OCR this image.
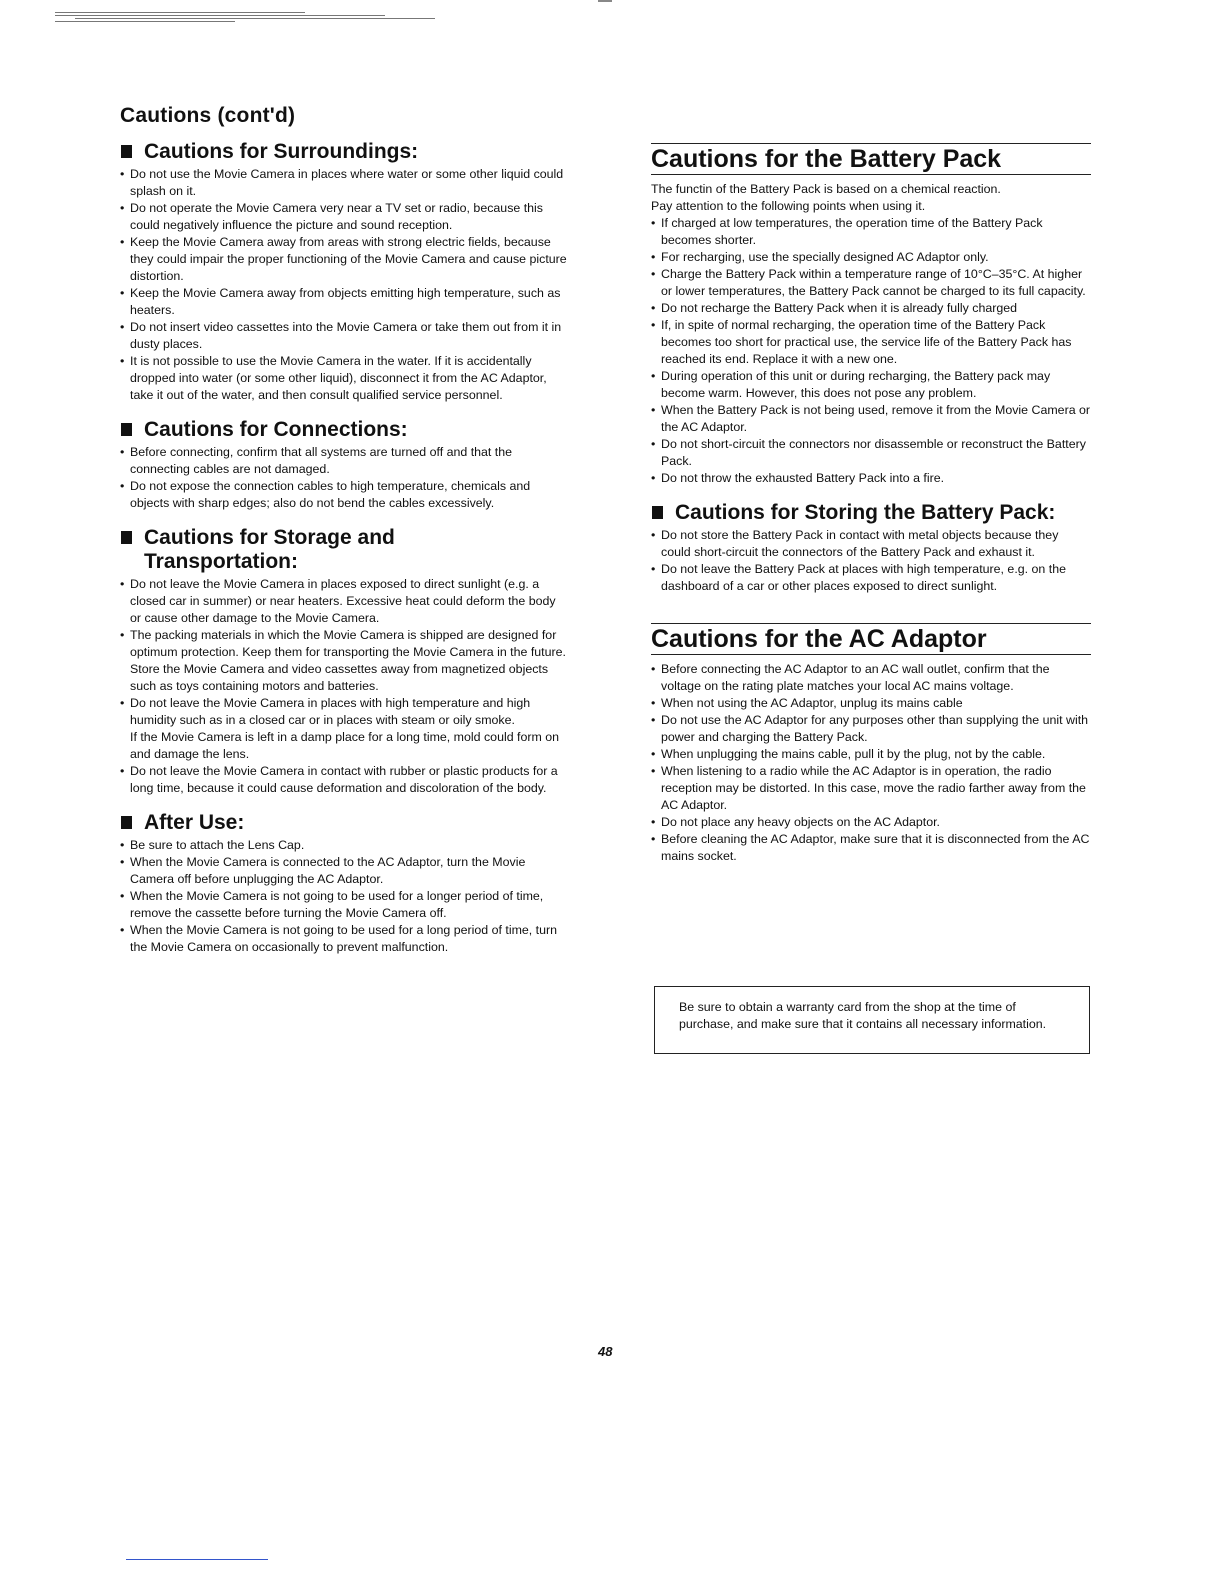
Cautions (cont'd)
Cautions for Surroundings:
• Do not use the Movie Camera in places where water or some other liquid could splash on it.
• Do not operate the Movie Camera very near a TV set or radio, because this could negatively influence the picture and sound reception.
• Keep the Movie Camera away from areas with strong electric fields, because they could impair the proper functioning of the Movie Camera and cause picture distortion.
• Keep the Movie Camera away from objects emitting high temperature, such as heaters.
• Do not insert video cassettes into the Movie Camera or take them out from it in dusty places.
• It is not possible to use the Movie Camera in the water. If it is accidentally dropped into water (or some other liquid), disconnect it from the AC Adaptor, take it out of the water, and then consult qualified service personnel.
Cautions for Connections:
• Before connecting, confirm that all systems are turned off and that the connecting cables are not damaged.
• Do not expose the connection cables to high temperature, chemicals and objects with sharp edges; also do not bend the cables excessively.
Cautions for Storage and
Transportation:
• Do not leave the Movie Camera in places exposed to direct sunlight (e.g. a closed car in summer) or near heaters. Excessive heat could deform the body or cause other damage to the Movie Camera.
• The packing materials in which the Movie Camera is shipped are designed for optimum protection. Keep them for transporting the Movie Camera in the future.
Store the Movie Camera and video cassettes away from magnetized objects such as toys containing motors and batteries.
• Do not leave the Movie Camera in places with high temperature and high humidity such as in a closed car or in places with steam or oily smoke.
If the Movie Camera is left in a damp place for a long time, mold could form on and damage the lens.
• Do not leave the Movie Camera in contact with rubber or plastic products for a long time, because it could cause deformation and discoloration of the body.
After Use:
• Be sure to attach the Lens Cap.
• When the Movie Camera is connected to the AC Adaptor, turn the Movie Camera off before unplugging the AC Adaptor.
• When the Movie Camera is not going to be used for a longer period of time, remove the cassette before turning the Movie Camera off.
• When the Movie Camera is not going to be used for a long period of time, turn the Movie Camera on occasionally to prevent malfunction.
Cautions for the Battery Pack

The functin of the Battery Pack is based on a chemical reaction.

Pay attention to the following points when using it.

• If charged at low temperatures, the operation time of the Battery Pack becomes shorter.
• For recharging, use the specially designed AC Adaptor only.
• Charge the Battery Pack within a temperature range of 10°C–35°C. At higher or lower temperatures, the Battery Pack cannot be charged to its full capacity.
• Do not recharge the Battery Pack when it is already fully charged
• If, in spite of normal recharging, the operation time of the Battery Pack becomes too short for practical use, the service life of the Battery Pack has reached its end. Replace it with a new one.
• During operation of this unit or during recharging, the Battery pack may become warm. However, this does not pose any problem.
• When the Battery Pack is not being used, remove it from the Movie Camera or the AC Adaptor.
• Do not short-circuit the connectors nor disassemble or reconstruct the Battery Pack.
• Do not throw the exhausted Battery Pack into a fire.
Cautions for Storing the Battery Pack:
• Do not store the Battery Pack in contact with metal objects because they could short-circuit the connectors of the Battery Pack and exhaust it.
• Do not leave the Battery Pack at places with high temperature, e.g. on the dashboard of a car or other places exposed to direct sunlight.
Cautions for the AC Adaptor
• Before connecting the AC Adaptor to an AC wall outlet, confirm that the voltage on the rating plate matches your local AC mains voltage.
• When not using the AC Adaptor, unplug its mains cable
• Do not use the AC Adaptor for any purposes other than supplying the unit with power and charging the Battery Pack.
• When unplugging the mains cable, pull it by the plug, not by the cable.
• When listening to a radio while the AC Adaptor is in operation, the radio reception may be distorted. In this case, move the radio farther away from the AC Adaptor.
• Do not place any heavy objects on the AC Adaptor.
• Before cleaning the AC Adaptor, make sure that it is disconnected from the AC mains socket.

Be sure to obtain a warranty card from the shop at the time of purchase, and make sure that it contains all necessary information.

48
